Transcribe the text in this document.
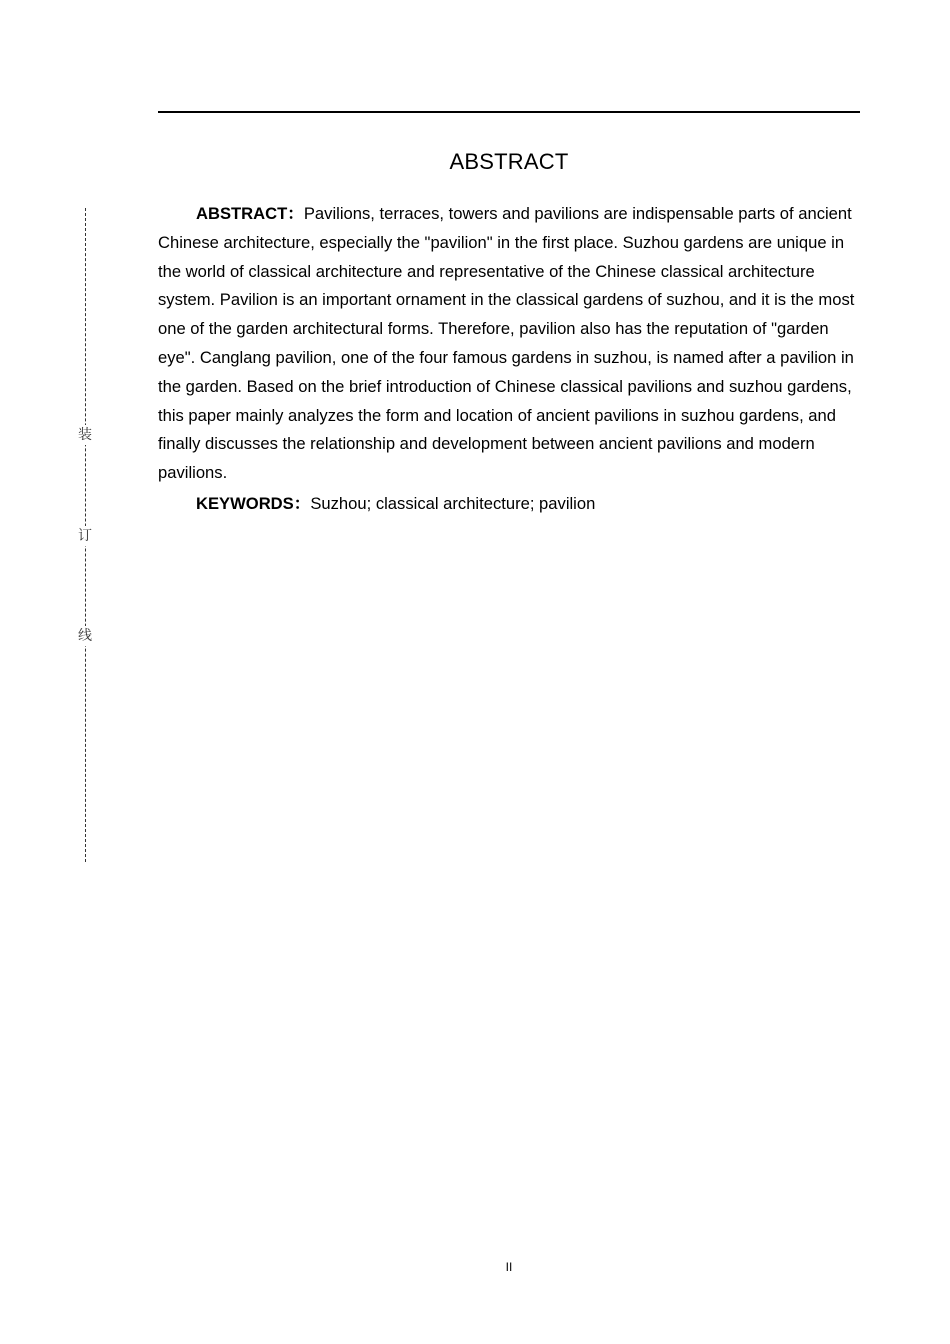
ABSTRACT

ABSTRACT：Pavilions, terraces, towers and pavilions are indispensable parts of ancient Chinese architecture, especially the "pavilion" in the first place. Suzhou gardens are unique in the world of classical architecture and representative of the Chinese classical architecture system. Pavilion is an important ornament in the classical gardens of suzhou, and it is the most one of the garden architectural forms. Therefore, pavilion also has the reputation of "garden eye". Canglang pavilion, one of the four famous gardens in suzhou, is named after a pavilion in the garden. Based on the brief introduction of Chinese classical pavilions and suzhou gardens, this paper mainly analyzes the form and location of ancient pavilions in suzhou gardens, and finally discusses the relationship and development between ancient pavilions and modern pavilions.

KEYWORDS：Suzhou; classical architecture; pavilion

装
订
线
II
